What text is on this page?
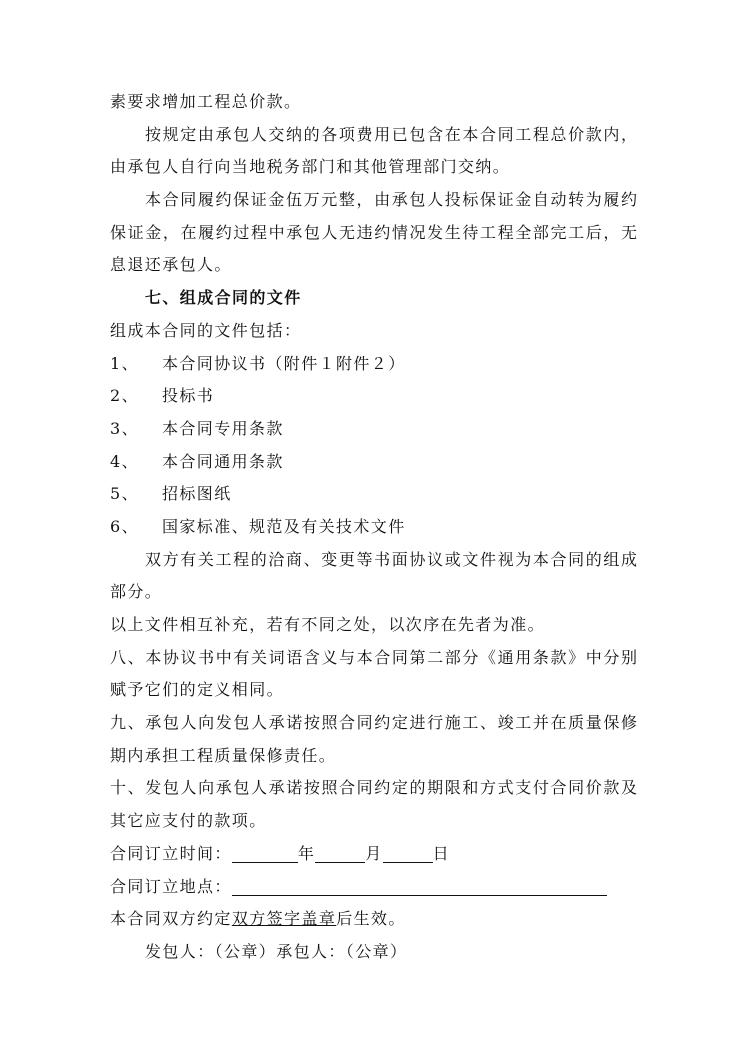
素要求增加工程总价款。
按规定由承包人交纳的各项费用已包含在本合同工程总价款内，
由承包人自行向当地税务部门和其他管理部门交纳。
本合同履约保证金伍万元整，由承包人投标保证金自动转为履约
保证金，在履约过程中承包人无违约情况发生待工程全部完工后，无
息退还承包人。
七、组成合同的文件
组成本合同的文件包括：
1、 本合同协议书（附件１附件２）
2、 投标书
3、 本合同专用条款
4、 本合同通用条款
5、 招标图纸
6、 国家标准、规范及有关技术文件
双方有关工程的洽商、变更等书面协议或文件视为本合同的组成
部分。
以上文件相互补充，若有不同之处，以次序在先者为准。
八、本协议书中有关词语含义与本合同第二部分《通用条款》中分别
赋予它们的定义相同。
九、承包人向发包人承诺按照合同约定进行施工、竣工并在质量保修
期内承担工程质量保修责任。
十、发包人向承包人承诺按照合同约定的期限和方式支付合同价款及
其它应支付的款项。
合同订立时间：	年	月	日
合同订立地点：
本合同双方约定双方签字盖章后生效。
发包人：（公章）承包人：（公章）
